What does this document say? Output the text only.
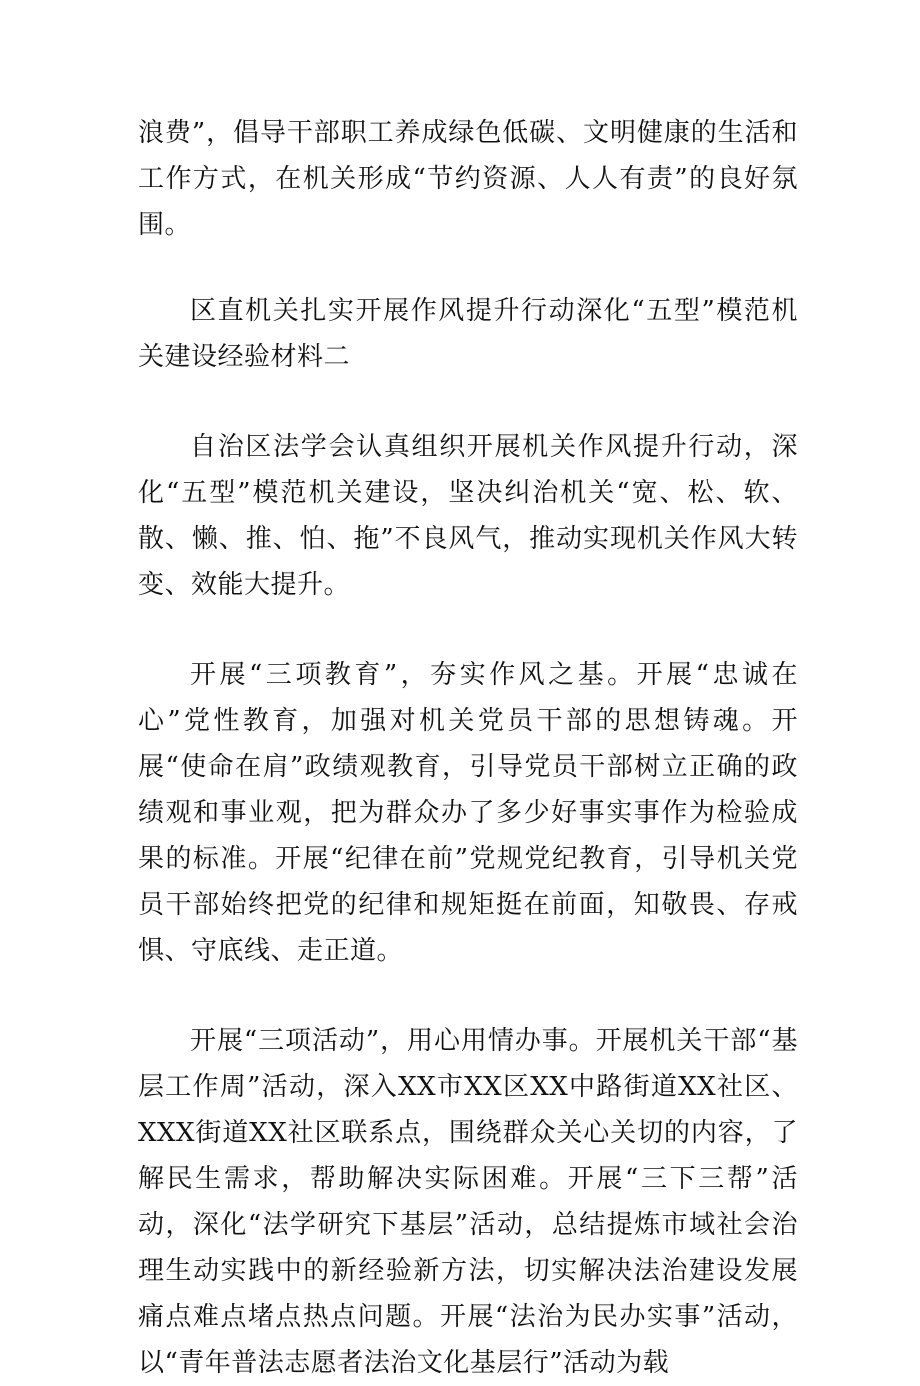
浪费”，倡导干部职工养成绿色低碳、文明健康的生活和工作方式，在机关形成“节约资源、人人有责”的良好氛围。

区直机关扎实开展作风提升行动深化“五型”模范机关建设经验材料二

自治区法学会认真组织开展机关作风提升行动，深化“五型”模范机关建设，坚决纠治机关“宽、松、软、散、懒、推、怕、拖”不良风气，推动实现机关作风大转变、效能大提升。

开展“三项教育”，夯实作风之基。开展“忠诚在心”党性教育，加强对机关党员干部的思想铸魂。开展“使命在肩”政绩观教育，引导党员干部树立正确的政绩观和事业观，把为群众办了多少好事实事作为检验成果的标准。开展“纪律在前”党规党纪教育，引导机关党员干部始终把党的纪律和规矩挺在前面，知敬畏、存戒惧、守底线、走正道。

开展“三项活动”，用心用情办事。开展机关干部“基层工作周”活动，深入XX市XX区XX中路街道XX社区、XXX街道XX社区联系点，围绕群众关心关切的内容，了解民生需求，帮助解决实际困难。开展“三下三帮”活动，深化“法学研究下基层”活动，总结提炼市域社会治理生动实践中的新经验新方法，切实解决法治建设发展痛点难点堵点热点问题。开展“法治为民办实事”活动，以“青年普法志愿者法治文化基层行”活动为载
